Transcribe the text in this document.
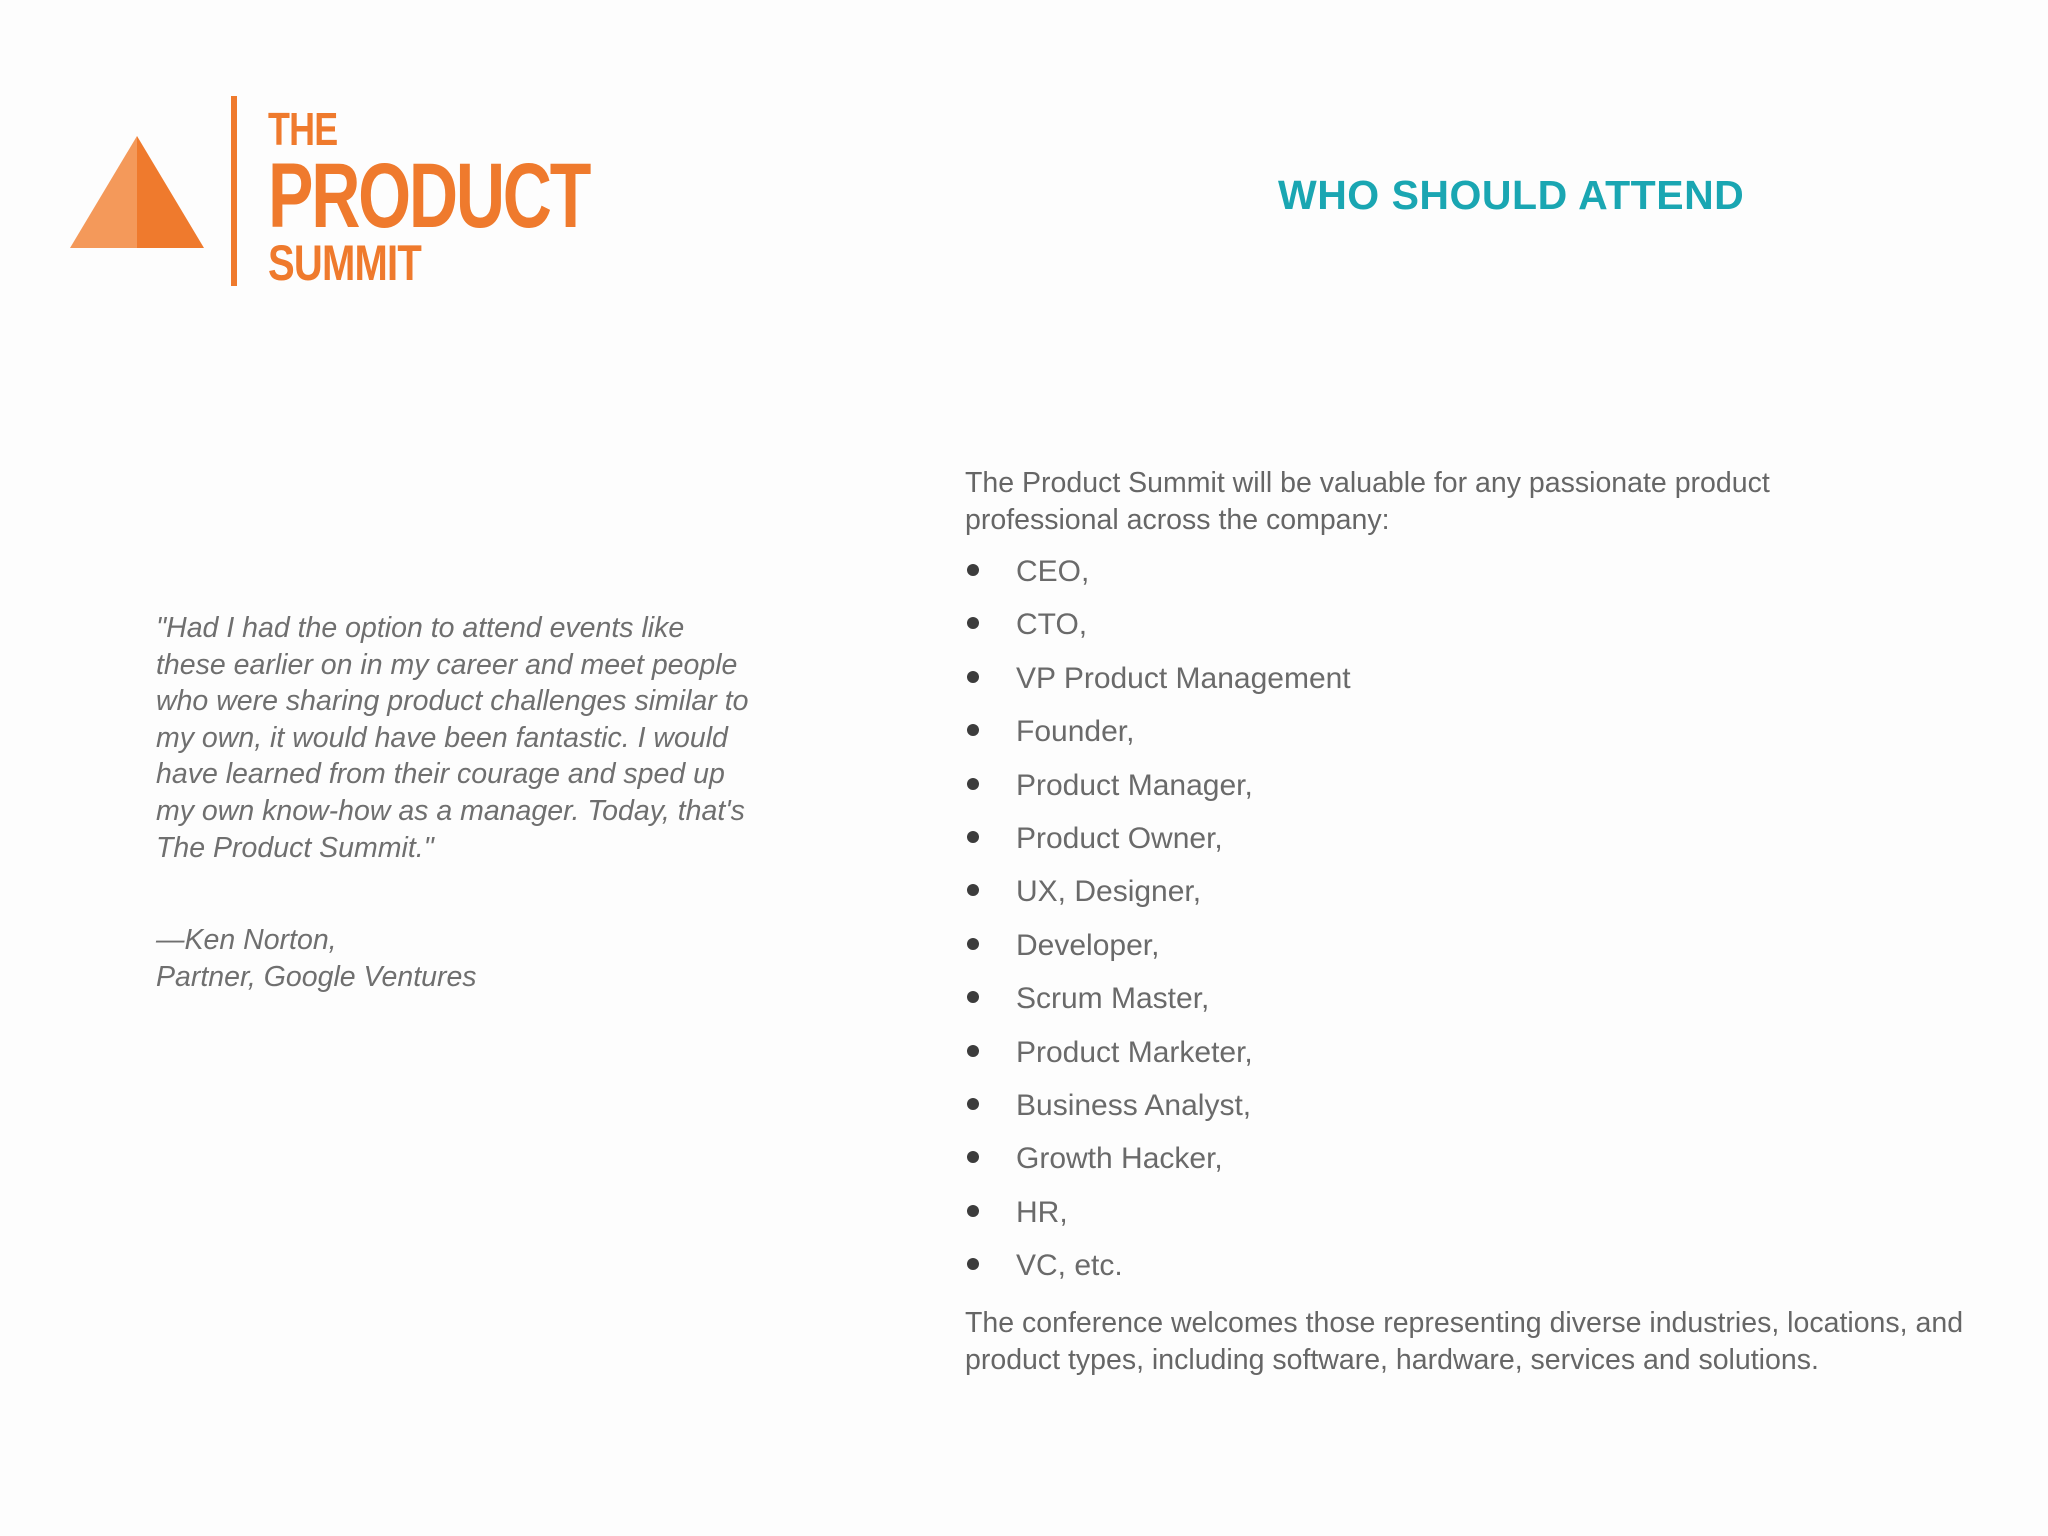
THE
PRODUCT
SUMMIT
WHO SHOULD ATTEND

"Had I had the option to attend events like these earlier on in my career and meet people who were sharing product challenges similar to my own, it would have been fantastic. I would have learned from their courage and sped up my own know-how as a manager. Today, that's The Product Summit."

—Ken Norton,
Partner, Google Ventures

The Product Summit will be valuable for any passionate product professional across the company:

CEO,
CTO,
VP Product Management
Founder,
Product Manager,
Product Owner,
UX, Designer,
Developer,
Scrum Master,
Product Marketer,
Business Analyst,
Growth Hacker,
HR,
VC, etc.

The conference welcomes those representing diverse industries, locations, and product types, including software, hardware, services and solutions.
